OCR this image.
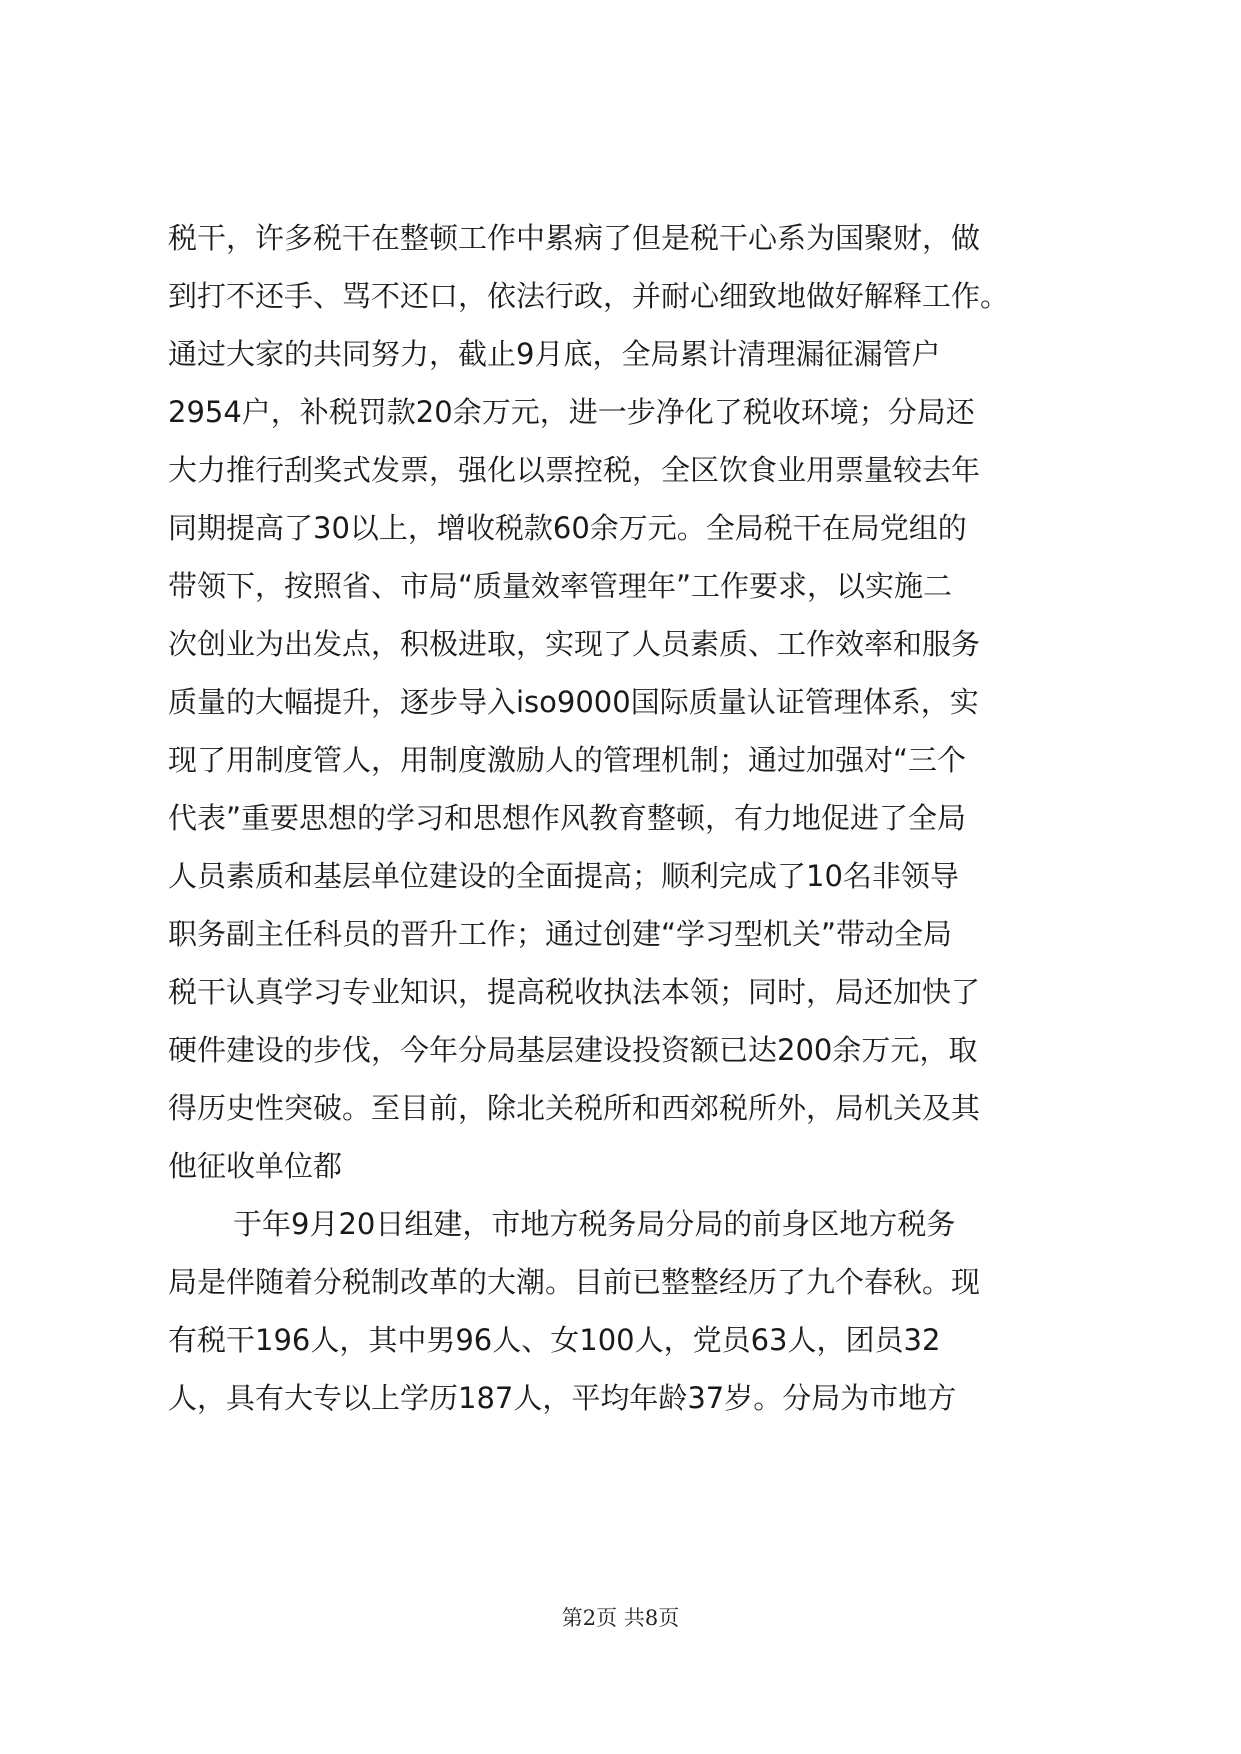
税干，许多税干在整顿工作中累病了但是税干心系为国聚财，做
到打不还手、骂不还口，依法行政，并耐心细致地做好解释工作。
通过大家的共同努力，截止9月底，全局累计清理漏征漏管户
2954户，补税罚款20余万元，进一步净化了税收环境；分局还
大力推行刮奖式发票，强化以票控税，全区饮食业用票量较去年
同期提高了30以上，增收税款60余万元。全局税干在局党组的
带领下，按照省、市局“质量效率管理年”工作要求，以实施二
次创业为出发点，积极进取，实现了人员素质、工作效率和服务
质量的大幅提升，逐步导入iso9000国际质量认证管理体系，实
现了用制度管人，用制度激励人的管理机制；通过加强对“三个
代表”重要思想的学习和思想作风教育整顿，有力地促进了全局
人员素质和基层单位建设的全面提高；顺利完成了10名非领导
职务副主任科员的晋升工作；通过创建“学习型机关”带动全局
税干认真学习专业知识，提高税收执法本领；同时，局还加快了
硬件建设的步伐，今年分局基层建设投资额已达200余万元，取
得历史性突破。至目前，除北关税所和西郊税所外，局机关及其
他征收单位都
于年9月20日组建，市地方税务局分局的前身区地方税务
局是伴随着分税制改革的大潮。目前已整整经历了九个春秋。现
有税干196人，其中男96人、女100人，党员63人，团员32
人，具有大专以上学历187人，平均年龄37岁。分局为市地方
第2页 共8页
